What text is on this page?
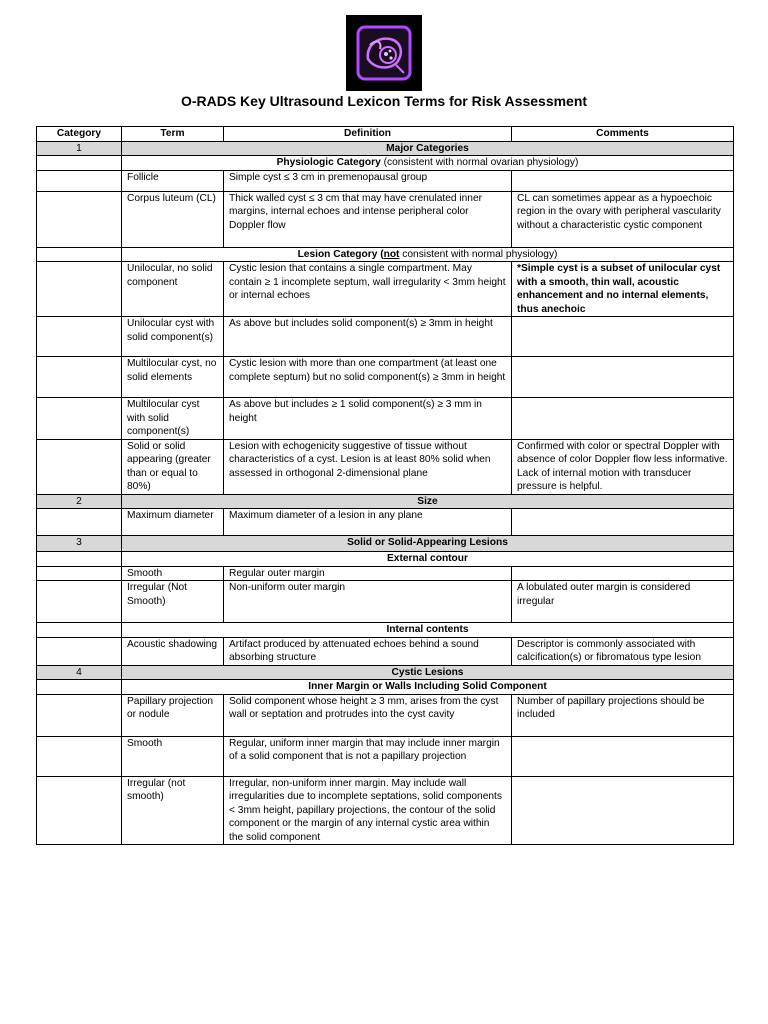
O-RADS Key Ultrasound Lexicon Terms for Risk Assessment
Category	Term	Definition	Comments
1	Major Categories		
	Physiologic Category (consistent with normal ovarian physiology)		
	Follicle	Simple cyst ≤ 3 cm in premenopausal group	
	Corpus luteum (CL)	Thick walled cyst ≤ 3 cm that may have crenulated inner margins, internal echoes and intense peripheral color Doppler flow	CL can sometimes appear as a hypoechoic region in the ovary with peripheral vascularity without a characteristic cystic component
	Lesion Category (not consistent with normal physiology)		
	Unilocular, no solid component	Cystic lesion that contains a single compartment. May contain ≥ 1 incomplete septum, wall irregularity < 3mm height or internal echoes	*Simple cyst is a subset of unilocular cyst with a smooth, thin wall, acoustic enhancement and no internal elements, thus anechoic
	Unilocular cyst with solid component(s)	As above but includes solid component(s) ≥ 3mm in height	
	Multilocular cyst, no solid elements	Cystic lesion with more than one compartment (at least one complete septum) but no solid component(s) ≥ 3mm in height	
	Multilocular cyst with solid component(s)	As above but includes ≥ 1 solid component(s) ≥ 3 mm in height	
	Solid or solid appearing (greater than or equal to 80%)	Lesion with echogenicity suggestive of tissue without characteristics of a cyst. Lesion is at least 80% solid when assessed in orthogonal 2-dimensional plane	Confirmed with color or spectral Doppler with absence of color Doppler flow less informative. Lack of internal motion with transducer pressure is helpful.
2	Size		
	Maximum diameter	Maximum diameter of a lesion in any plane	
3	Solid or Solid-Appearing Lesions		
	External contour		
	Smooth	Regular outer margin	
	Irregular (Not Smooth)	Non-uniform outer margin	A lobulated outer margin is considered irregular
	Internal contents		
	Acoustic shadowing	Artifact produced by attenuated echoes behind a sound absorbing structure	Descriptor is commonly associated with calcification(s) or fibromatous type lesion
4	Cystic Lesions		
	Inner Margin or Walls Including Solid Component		
	Papillary projection or nodule	Solid component whose height ≥ 3 mm, arises from the cyst wall or septation and protrudes into the cyst cavity	Number of papillary projections should be included
	Smooth	Regular, uniform inner margin that may include inner margin of a solid component that is not a papillary projection	
	Irregular (not smooth)	Irregular, non-uniform inner margin. May include wall irregularities due to incomplete septations, solid components < 3mm height, papillary projections, the contour of the solid component or the margin of any internal cystic area within the solid component	
